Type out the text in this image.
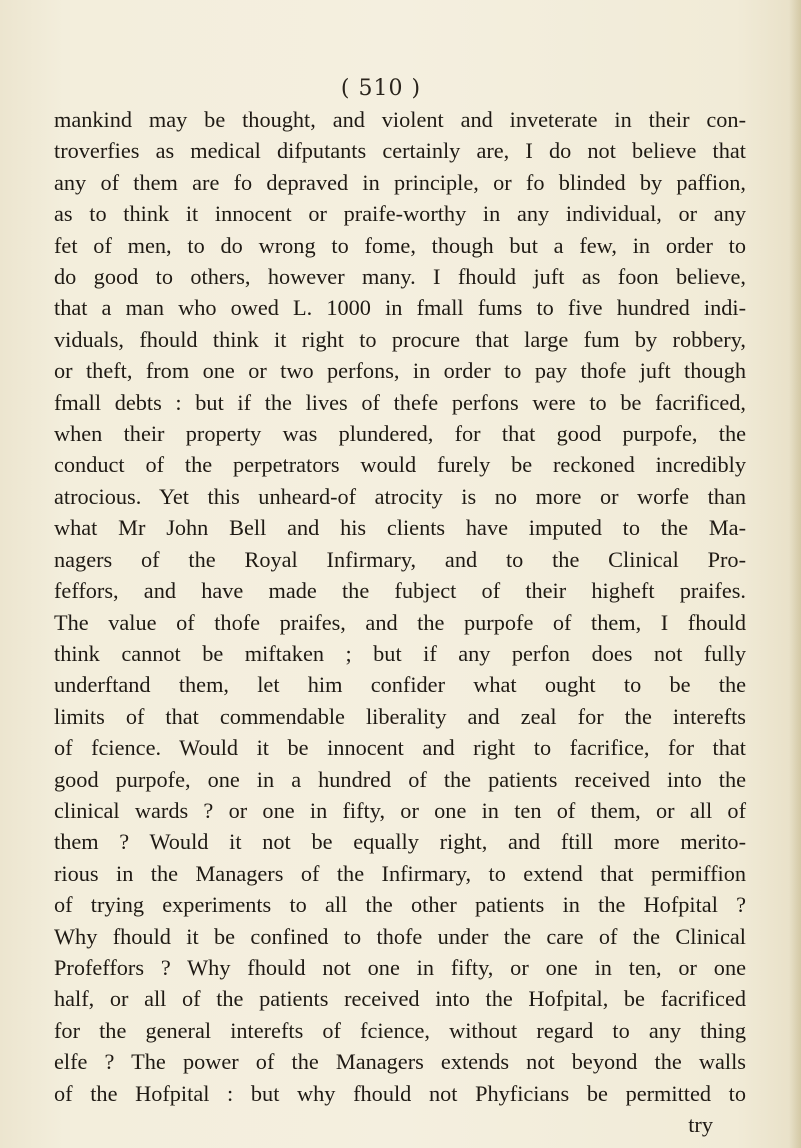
( 510 )

mankind may be thought, and violent and inveterate in their con-
troverfies as medical difputants certainly are, I do not believe that
any of them are fo depraved in principle, or fo blinded by paffion,
as to think it innocent or praife-worthy in any individual, or any
fet of men, to do wrong to fome, though but a few, in order to
do good to others, however many. I fhould juft as foon believe,
that a man who owed L. 1000 in fmall fums to five hundred indi-
viduals, fhould think it right to procure that large fum by robbery,
or theft, from one or two perfons, in order to pay thofe juft though
fmall debts : but if the lives of thefe perfons were to be facrificed,
when their property was plundered, for that good purpofe, the
conduct of the perpetrators would furely be reckoned incredibly
atrocious. Yet this unheard-of atrocity is no more or worfe than
what Mr John Bell and his clients have imputed to the Ma-
nagers of the Royal Infirmary, and to the Clinical Pro-
feffors, and have made the fubject of their higheft praifes.
The value of thofe praifes, and the purpofe of them, I fhould
think cannot be miftaken ; but if any perfon does not fully
underftand them, let him confider what ought to be the
limits of that commendable liberality and zeal for the interefts
of fcience. Would it be innocent and right to facrifice, for that
good purpofe, one in a hundred of the patients received into the
clinical wards ? or one in fifty, or one in ten of them, or all of
them ? Would it not be equally right, and ftill more merito-
rious in the Managers of the Infirmary, to extend that permiffion
of trying experiments to all the other patients in the Hofpital ?
Why fhould it be confined to thofe under the care of the Clinical
Profeffors ? Why fhould not one in fifty, or one in ten, or one
half, or all of the patients received into the Hofpital, be facrificed
for the general interefts of fcience, without regard to any thing
elfe ? The power of the Managers extends not beyond the walls
of the Hofpital : but why fhould not Phyficians be permitted to
try
